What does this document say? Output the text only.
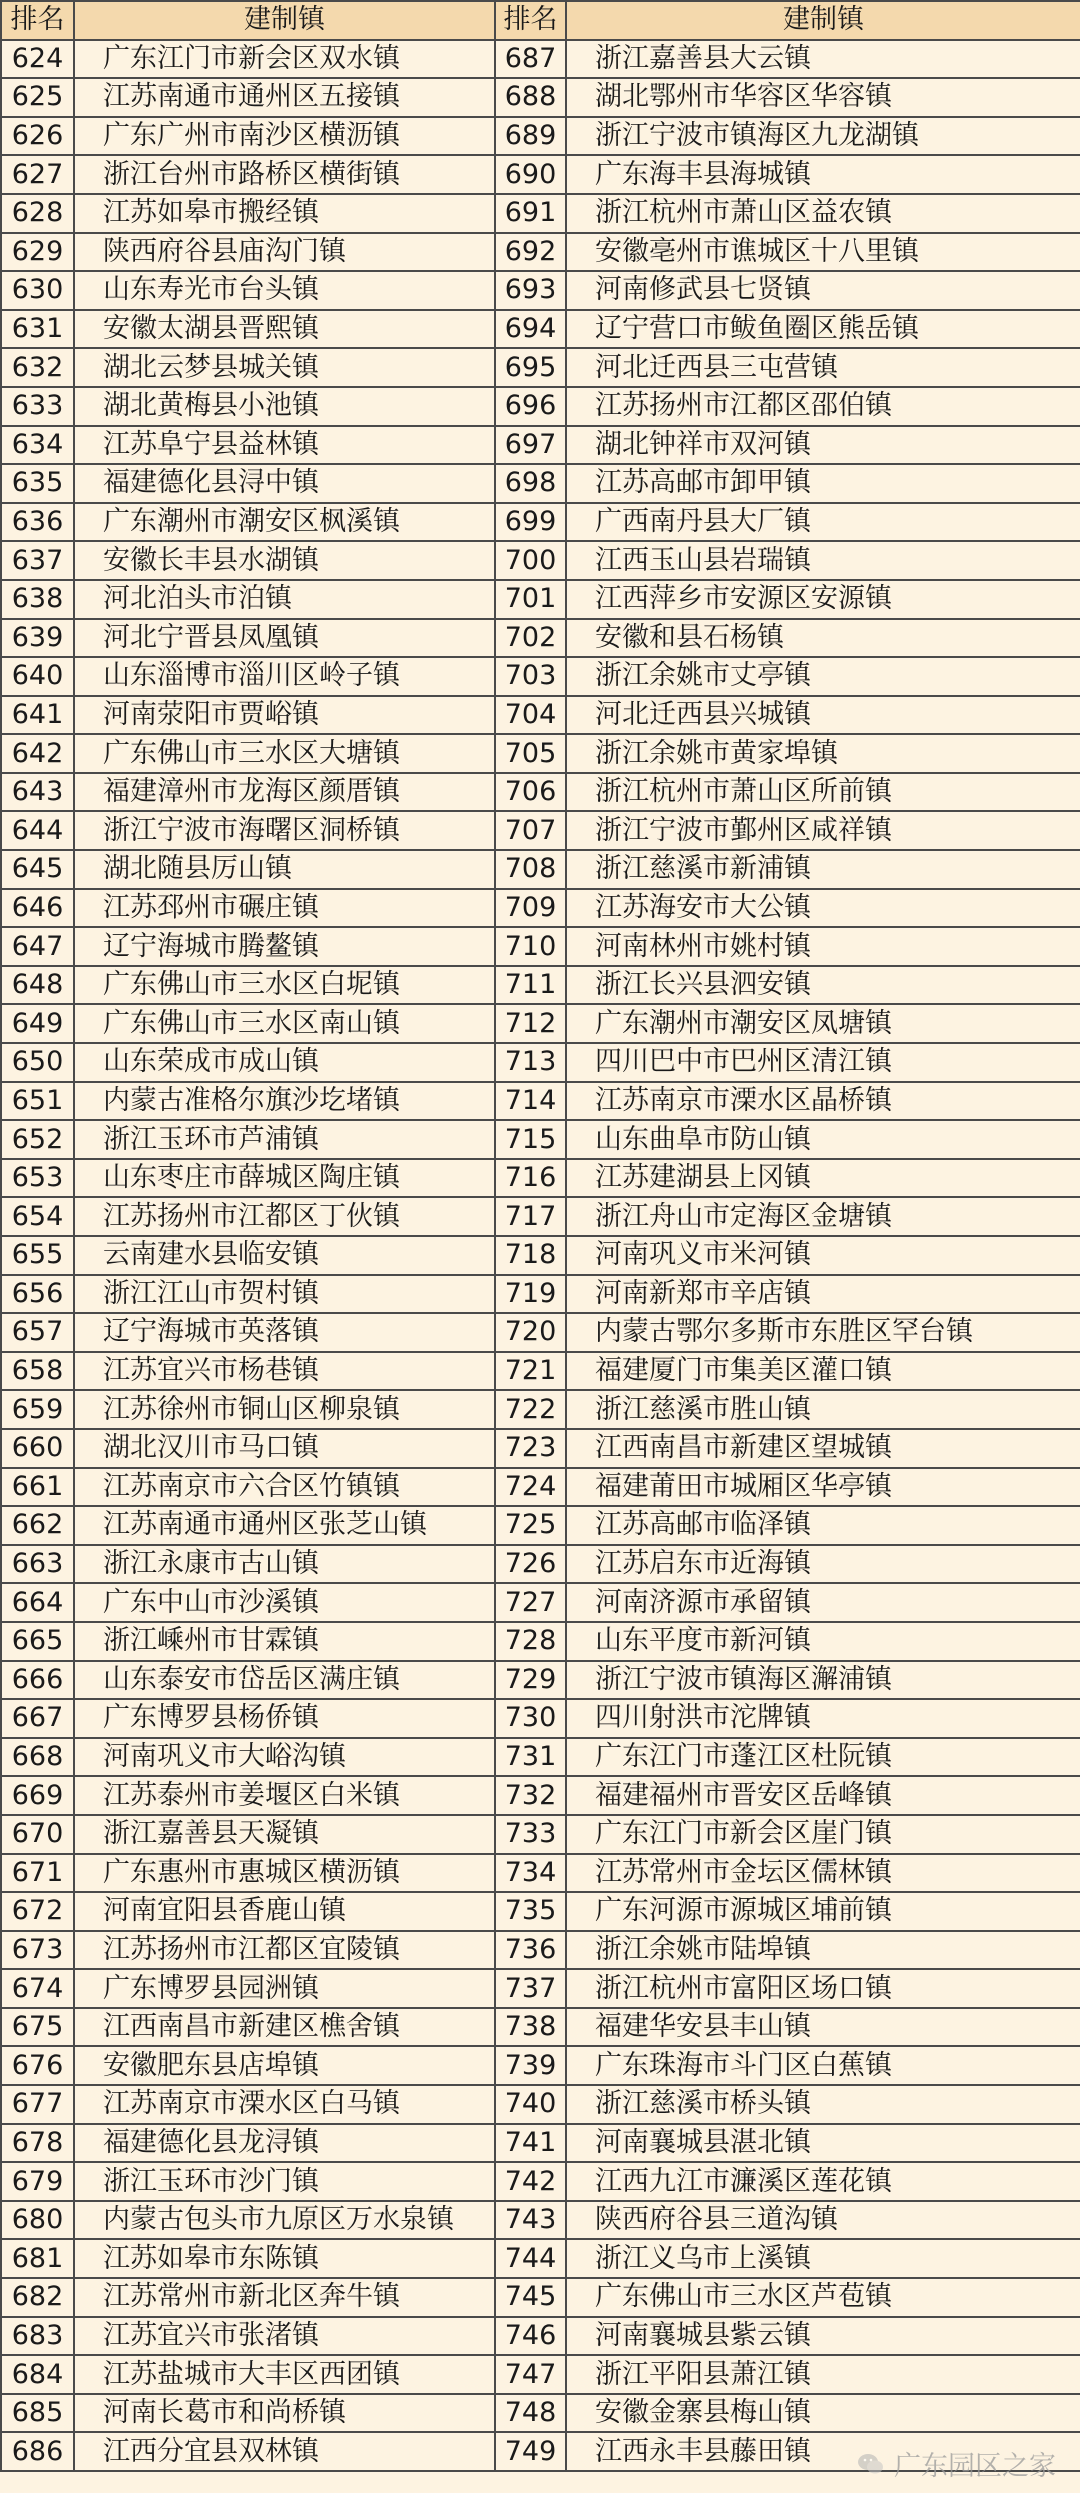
排名	建制镇	排名	建制镇
624	广东江门市新会区双水镇	687	浙江嘉善县大云镇
625	江苏南通市通州区五接镇	688	湖北鄂州市华容区华容镇
626	广东广州市南沙区横沥镇	689	浙江宁波市镇海区九龙湖镇
627	浙江台州市路桥区横街镇	690	广东海丰县海城镇
628	江苏如皋市搬经镇	691	浙江杭州市萧山区益农镇
629	陕西府谷县庙沟门镇	692	安徽亳州市谯城区十八里镇
630	山东寿光市台头镇	693	河南修武县七贤镇
631	安徽太湖县晋熙镇	694	辽宁营口市鲅鱼圈区熊岳镇
632	湖北云梦县城关镇	695	河北迁西县三屯营镇
633	湖北黄梅县小池镇	696	江苏扬州市江都区邵伯镇
634	江苏阜宁县益林镇	697	湖北钟祥市双河镇
635	福建德化县浔中镇	698	江苏高邮市卸甲镇
636	广东潮州市潮安区枫溪镇	699	广西南丹县大厂镇
637	安徽长丰县水湖镇	700	江西玉山县岩瑞镇
638	河北泊头市泊镇	701	江西萍乡市安源区安源镇
639	河北宁晋县凤凰镇	702	安徽和县石杨镇
640	山东淄博市淄川区岭子镇	703	浙江余姚市丈亭镇
641	河南荥阳市贾峪镇	704	河北迁西县兴城镇
642	广东佛山市三水区大塘镇	705	浙江余姚市黄家埠镇
643	福建漳州市龙海区颜厝镇	706	浙江杭州市萧山区所前镇
644	浙江宁波市海曙区洞桥镇	707	浙江宁波市鄞州区咸祥镇
645	湖北随县厉山镇	708	浙江慈溪市新浦镇
646	江苏邳州市碾庄镇	709	江苏海安市大公镇
647	辽宁海城市腾鳌镇	710	河南林州市姚村镇
648	广东佛山市三水区白坭镇	711	浙江长兴县泗安镇
649	广东佛山市三水区南山镇	712	广东潮州市潮安区凤塘镇
650	山东荣成市成山镇	713	四川巴中市巴州区清江镇
651	内蒙古准格尔旗沙圪堵镇	714	江苏南京市溧水区晶桥镇
652	浙江玉环市芦浦镇	715	山东曲阜市防山镇
653	山东枣庄市薛城区陶庄镇	716	江苏建湖县上冈镇
654	江苏扬州市江都区丁伙镇	717	浙江舟山市定海区金塘镇
655	云南建水县临安镇	718	河南巩义市米河镇
656	浙江江山市贺村镇	719	河南新郑市辛店镇
657	辽宁海城市英落镇	720	内蒙古鄂尔多斯市东胜区罕台镇
658	江苏宜兴市杨巷镇	721	福建厦门市集美区灌口镇
659	江苏徐州市铜山区柳泉镇	722	浙江慈溪市胜山镇
660	湖北汉川市马口镇	723	江西南昌市新建区望城镇
661	江苏南京市六合区竹镇镇	724	福建莆田市城厢区华亭镇
662	江苏南通市通州区张芝山镇	725	江苏高邮市临泽镇
663	浙江永康市古山镇	726	江苏启东市近海镇
664	广东中山市沙溪镇	727	河南济源市承留镇
665	浙江嵊州市甘霖镇	728	山东平度市新河镇
666	山东泰安市岱岳区满庄镇	729	浙江宁波市镇海区澥浦镇
667	广东博罗县杨侨镇	730	四川射洪市沱牌镇
668	河南巩义市大峪沟镇	731	广东江门市蓬江区杜阮镇
669	江苏泰州市姜堰区白米镇	732	福建福州市晋安区岳峰镇
670	浙江嘉善县天凝镇	733	广东江门市新会区崖门镇
671	广东惠州市惠城区横沥镇	734	江苏常州市金坛区儒林镇
672	河南宜阳县香鹿山镇	735	广东河源市源城区埔前镇
673	江苏扬州市江都区宜陵镇	736	浙江余姚市陆埠镇
674	广东博罗县园洲镇	737	浙江杭州市富阳区场口镇
675	江西南昌市新建区樵舍镇	738	福建华安县丰山镇
676	安徽肥东县店埠镇	739	广东珠海市斗门区白蕉镇
677	江苏南京市溧水区白马镇	740	浙江慈溪市桥头镇
678	福建德化县龙浔镇	741	河南襄城县湛北镇
679	浙江玉环市沙门镇	742	江西九江市濂溪区莲花镇
680	内蒙古包头市九原区万水泉镇	743	陕西府谷县三道沟镇
681	江苏如皋市东陈镇	744	浙江义乌市上溪镇
682	江苏常州市新北区奔牛镇	745	广东佛山市三水区芦苞镇
683	江苏宜兴市张渚镇	746	河南襄城县紫云镇
684	江苏盐城市大丰区西团镇	747	浙江平阳县萧江镇
685	河南长葛市和尚桥镇	748	安徽金寨县梅山镇
686	江西分宜县双林镇	749	江西永丰县藤田镇	广东园区之家
